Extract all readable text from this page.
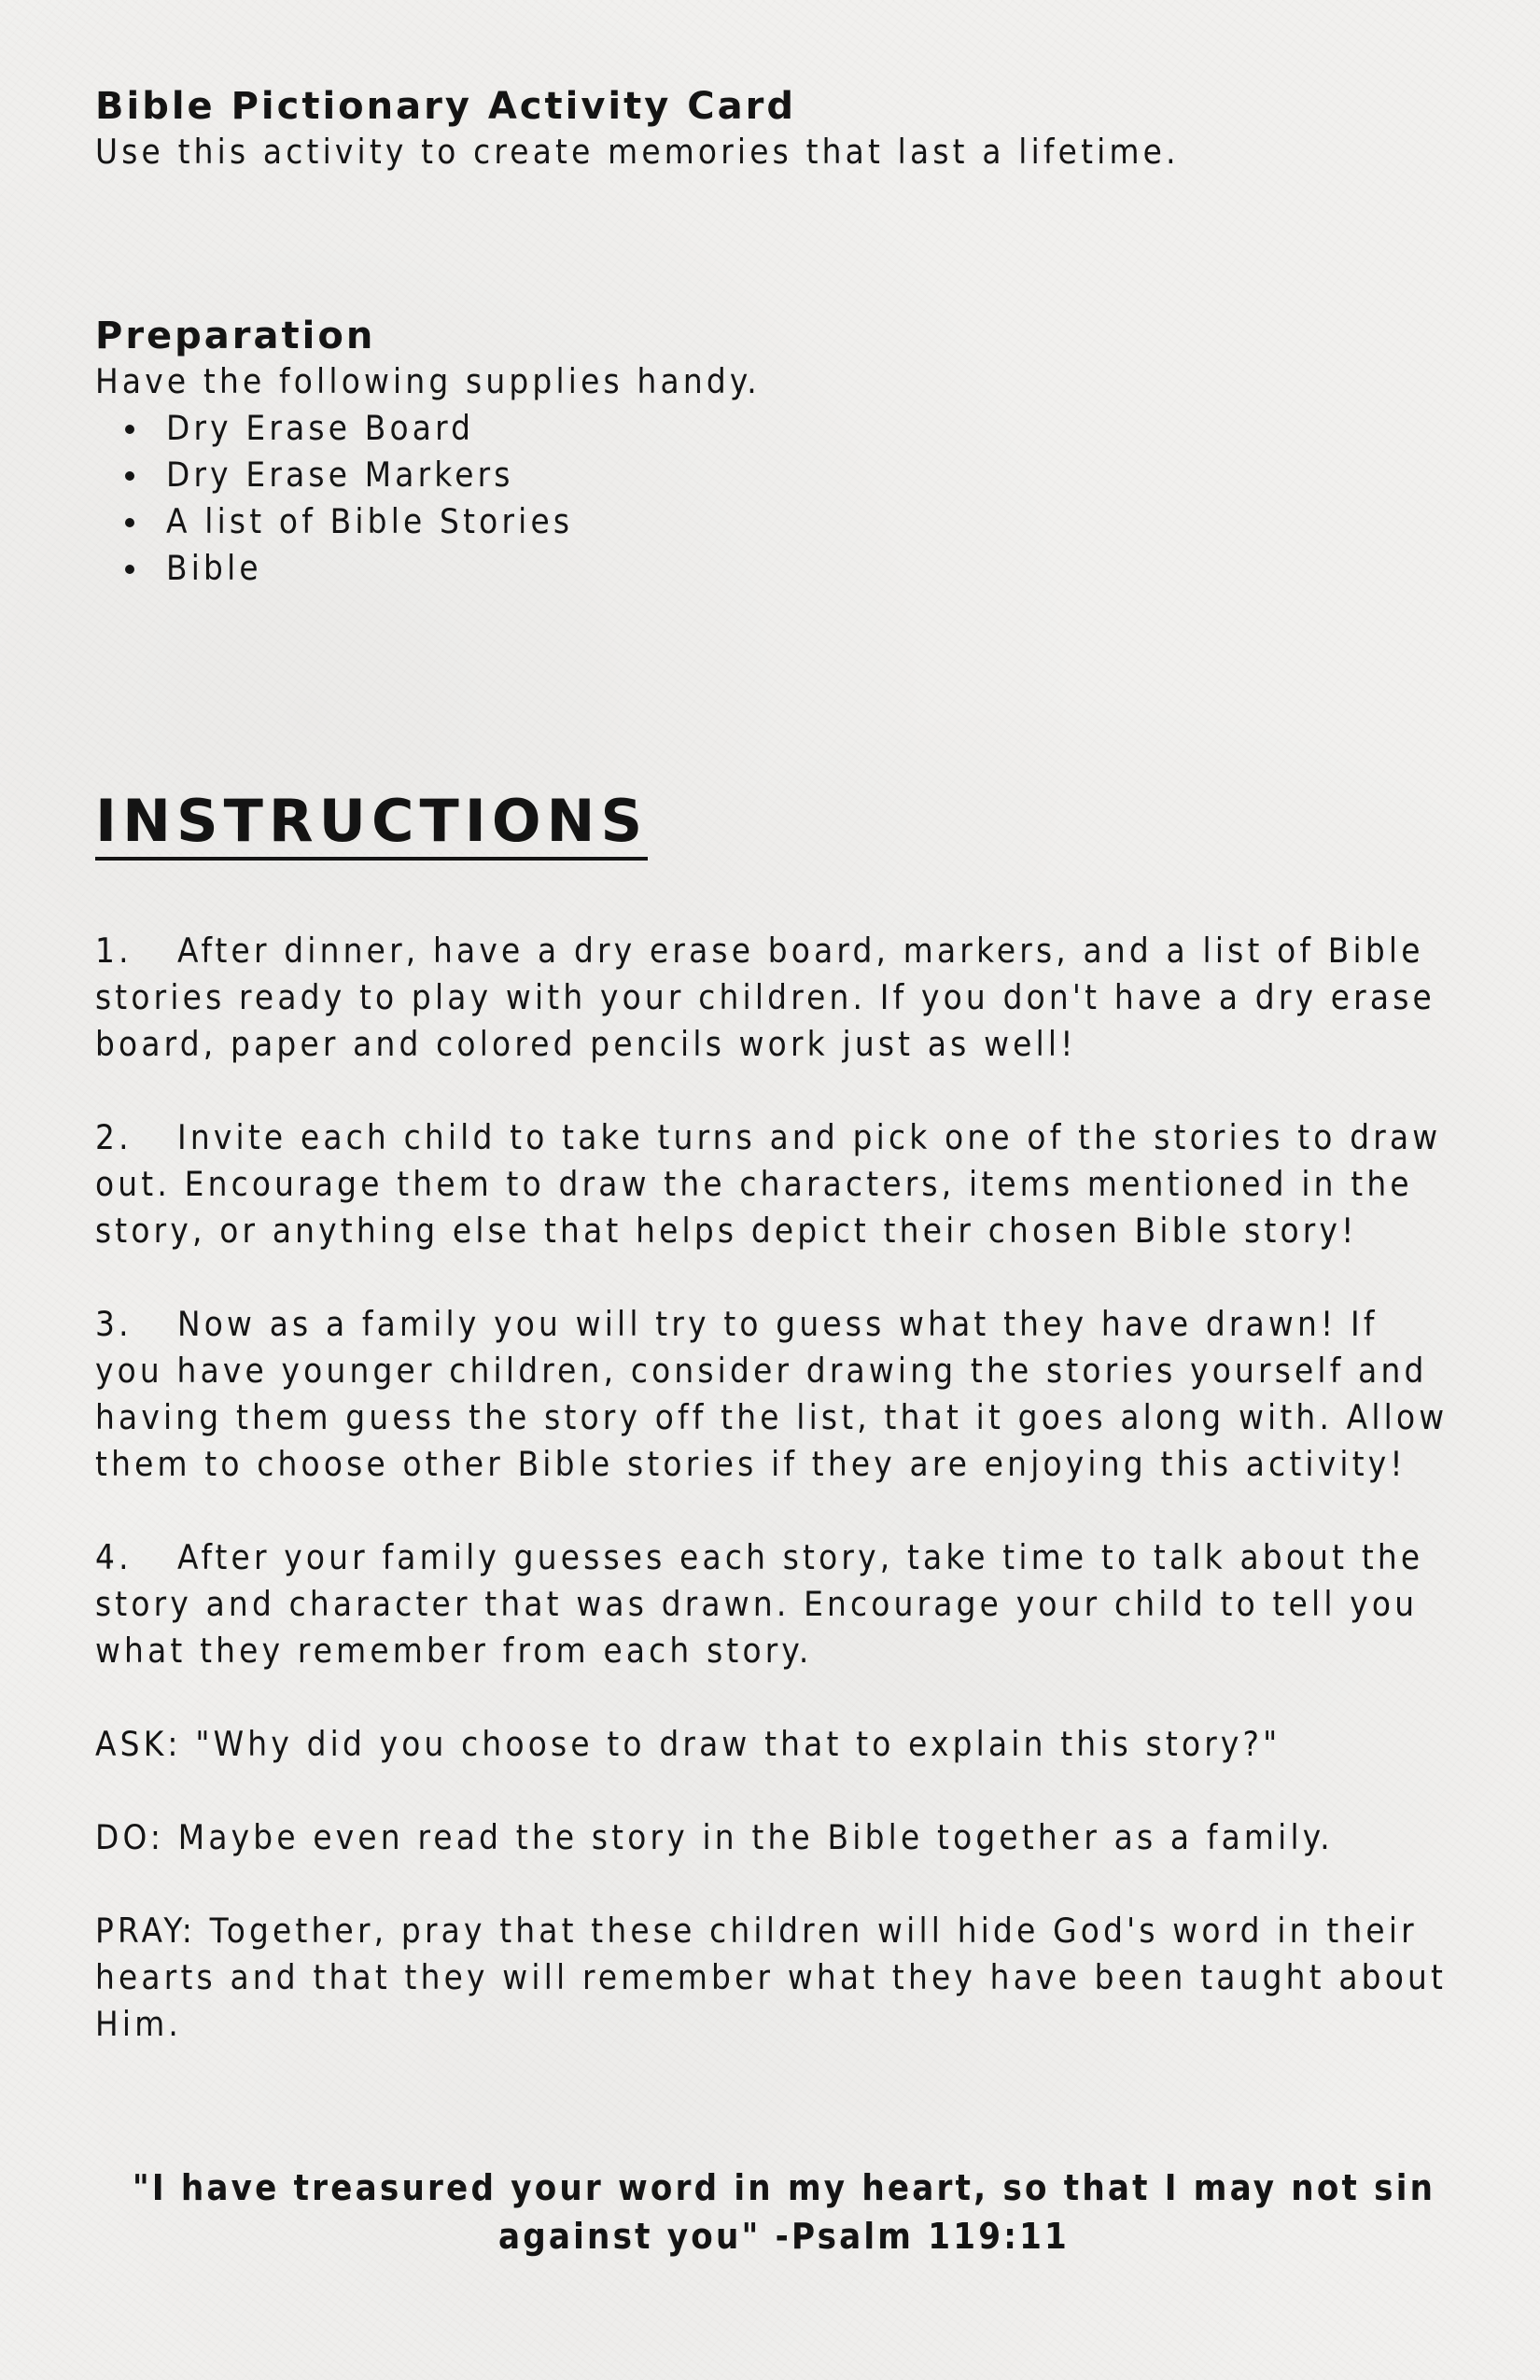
Bible Pictionary Activity Card

Use this activity to create memories that last a lifetime.

Preparation

Have the following supplies handy.

Dry Erase Board
Dry Erase Markers
A list of Bible Stories
Bible
INSTRUCTIONS

1. After dinner, have a dry erase board, markers, and a list of Bible stories ready to play with your children. If you don't have a dry erase board, paper and colored pencils work just as well!

2. Invite each child to take turns and pick one of the stories to draw out. Encourage them to draw the characters, items mentioned in the story, or anything else that helps depict their chosen Bible story!

3. Now as a family you will try to guess what they have drawn! If you have younger children, consider drawing the stories yourself and having them guess the story off the list, that it goes along with. Allow them to choose other Bible stories if they are enjoying this activity!

4. After your family guesses each story, take time to talk about the story and character that was drawn. Encourage your child to tell you what they remember from each story.

ASK: "Why did you choose to draw that to explain this story?"

DO: Maybe even read the story in the Bible together as a family.

PRAY: Together, pray that these children will hide God's word in their hearts and that they will remember what they have been taught about Him.

"I have treasured your word in my heart, so that I may not sin against you" -Psalm 119:11
